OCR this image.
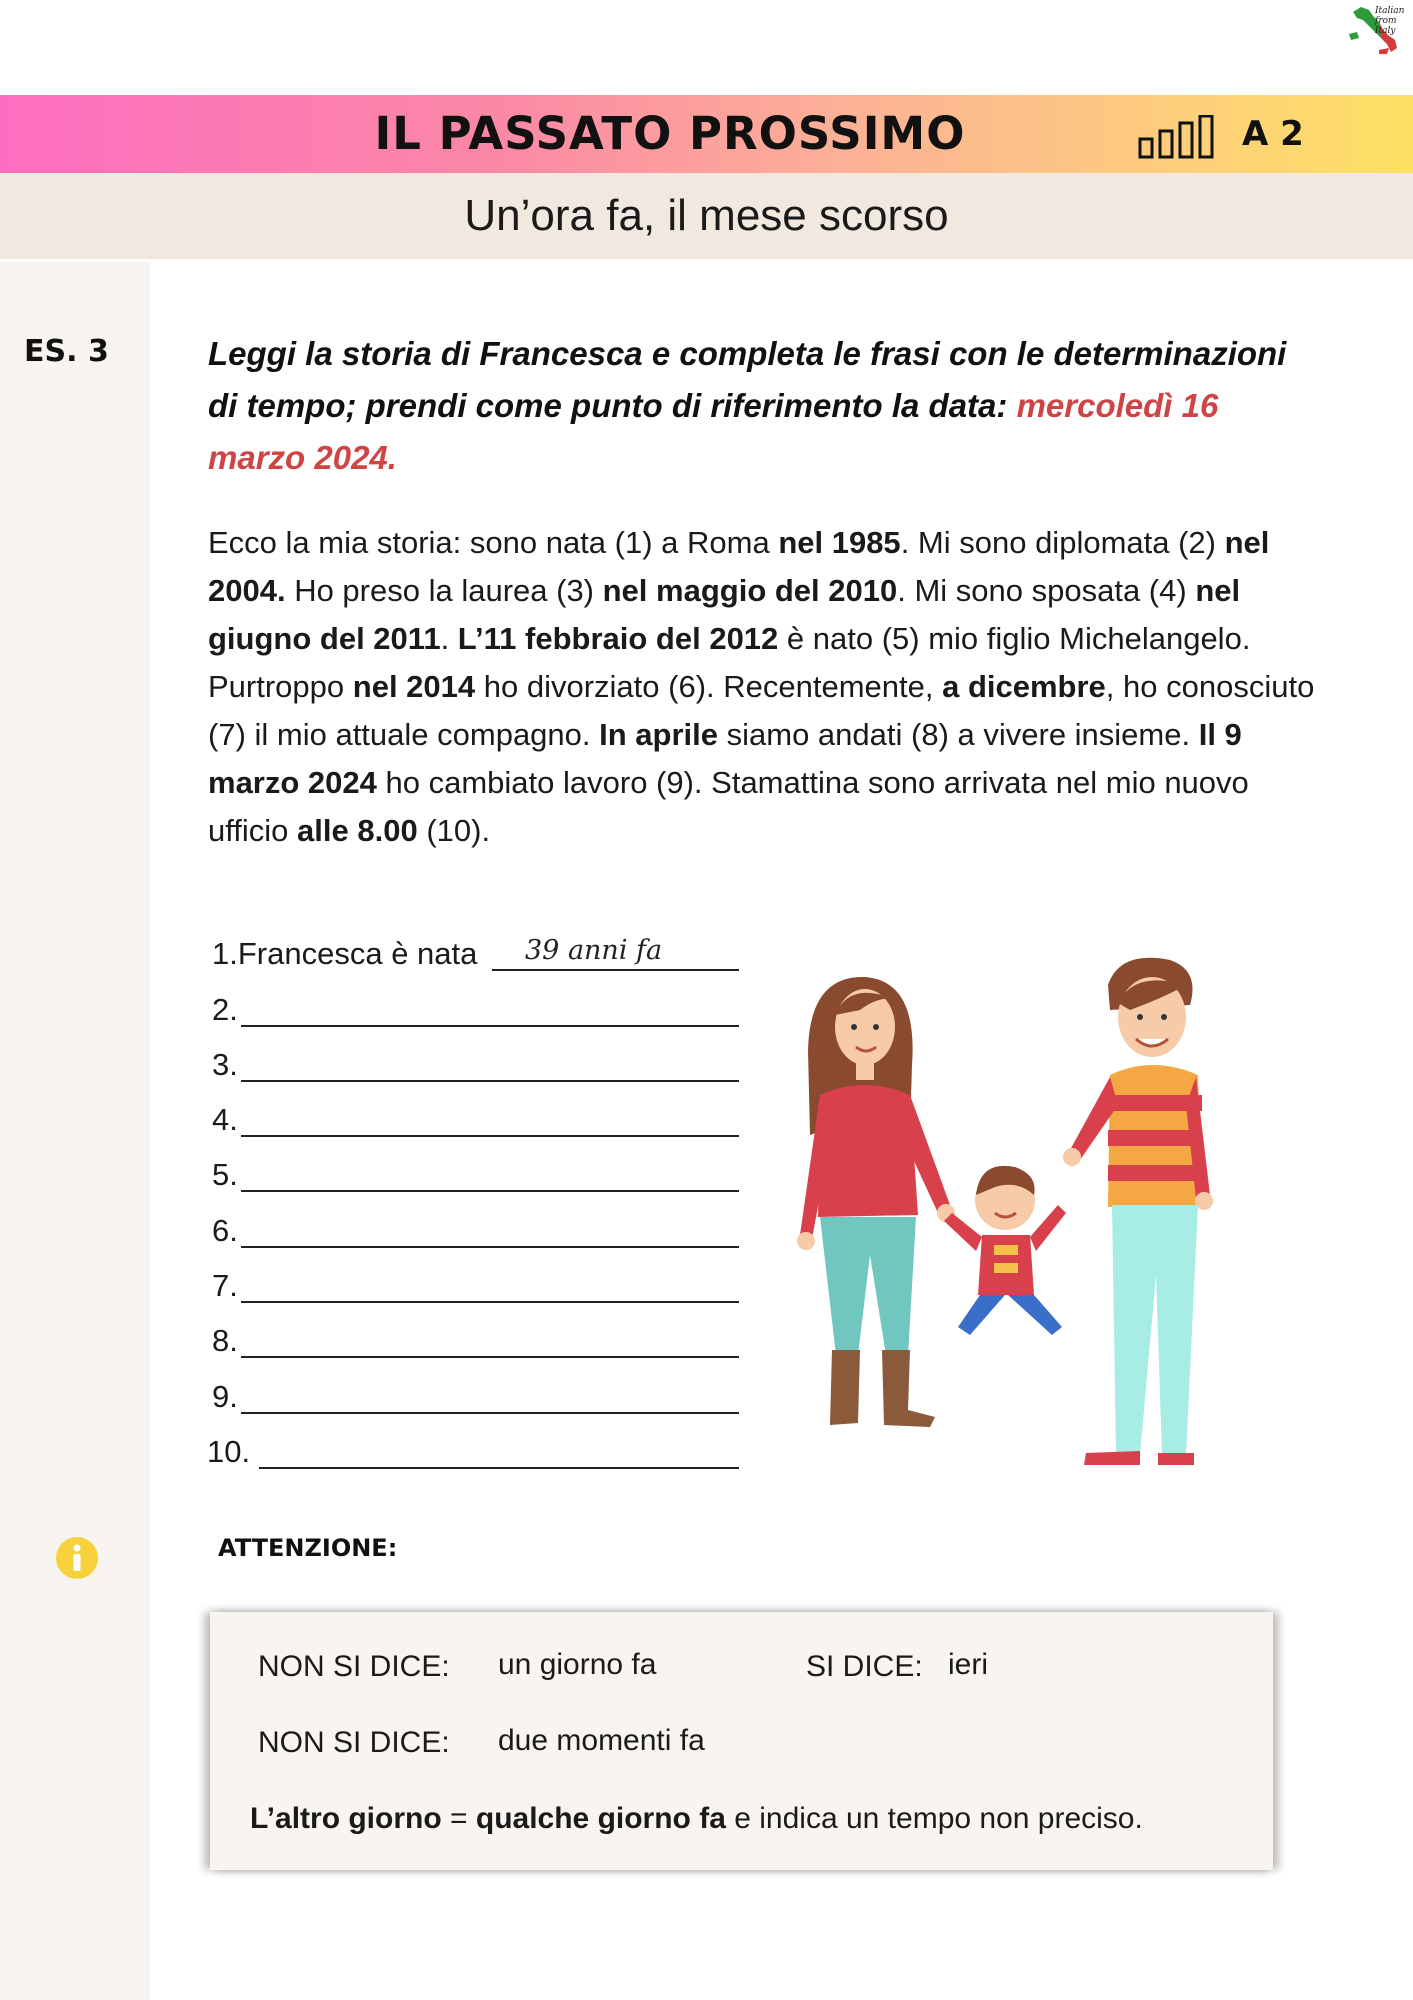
Italian
from
Italy
IL PASSATO PROSSIMO	A 2
Un’ora fa, il mese scorso
ES. 3	Leggi la storia di Francesca e completa le frasi con le determinazioni di tempo; prendi come punto di riferimento la data: mercoledì 16 marzo 2024.
Ecco la mia storia: sono nata (1) a Roma nel 1985. Mi sono diplomata (2) nel 2004. Ho preso la laurea (3) nel maggio del 2010. Mi sono sposata (4) nel giugno del 2011. L’11 febbraio del 2012 è nato (5) mio figlio Michelangelo. Purtroppo nel 2014 ho divorziato (6). Recentemente, a dicembre, ho conosciuto (7) il mio attuale compagno. In aprile siamo andati (8) a vivere insieme. Il 9 marzo 2024 ho cambiato lavoro (9). Stamattina sono arrivata nel mio nuovo ufficio alle 8.00 (10).
1.Francesca è nata 39 anni fa
2.
3.
4.
5.
6.
7.
8.
9.
10.
ATTENZIONE:
NON SI DICE: un giorno fa	SI DICE: ieri
NON SI DICE: due momenti fa
L’altro giorno = qualche giorno fa e indica un tempo non preciso.
